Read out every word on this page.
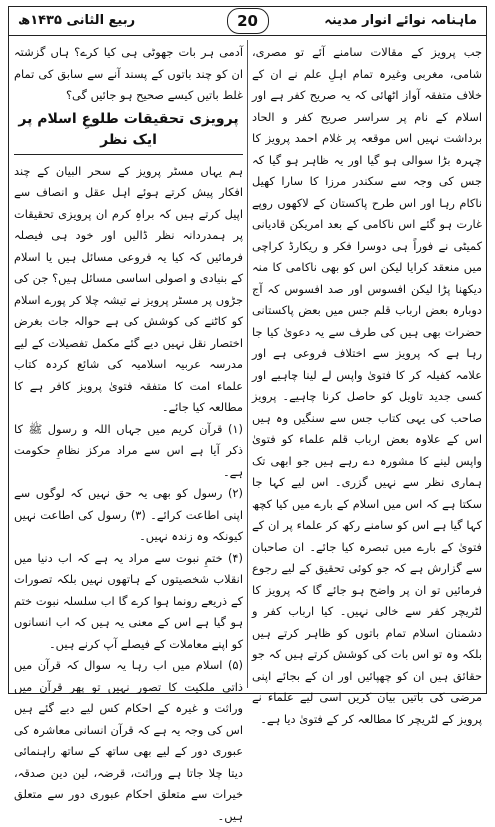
ربیع الثانی ۱۴۳۵ھ	ماہنامہ نوائے انوار مدینہ
20

جب پرویز کے مقالات سامنے آئے تو مصری، شامی، مغربی وغیرہ تمام اہلِ علم نے ان کے خلاف متفقہ آواز اٹھائی کہ یہ صریح کفر ہے اور اسلام کے نام پر سراسر صریح کفر و الحاد برداشت نہیں اس موقعہ پر غلام احمد پرویز کا چہرہ بڑا سوالی ہو گیا اور یہ ظاہر ہو گیا کہ جس کی وجہ سے سکندر مرزا کا سارا کھیل ناکام رہا اور اس طرح پاکستان کے لاکھوں روپے غارت ہو گئے اس ناکامی کے بعد امریکن قادیانی کمیٹی نے فوراً ہی دوسرا فکر و ریکارڈ کراچی میں منعقد کرایا لیکن اس کو بھی ناکامی کا منہ دیکھنا پڑا لیکن افسوس اور صد افسوس کہ آج دوبارہ بعض ارباب قلم جس میں بعض پاکستانی حضرات بھی ہیں کی طرف سے یہ دعویٰ کیا جا رہا ہے کہ پرویز سے اختلاف فروعی ہے اور علامہ کفیلہ کر کا فتویٰ واپس لے لینا چاہیے اور کسی جدید تاویل کو حاصل کرنا چاہیے۔ پرویز صاحب کی یہی کتاب جس سے سنگیں وہ ہیں اس کے علاوہ بعض ارباب قلم علماء کو فتویٰ واپس لینے کا مشورہ دے رہے ہیں جو ابھی تک ہماری نظر سے نہیں گزری۔ اس لیے کہا جا سکتا ہے کہ اس میں اسلام کے بارے میں کیا کچھ کہا گیا ہے اس کو سامنے رکھ کر علماء پر ان کے فتویٰ کے بارے میں تبصرہ کیا جائے۔ ان صاحبان سے گزارش ہے کہ جو کوئی تحقیق کے لیے رجوع فرمائیں تو ان پر واضح ہو جائے گا کہ پرویز کا لٹریچر کفر سے خالی نہیں۔ کیا ارباب کفر و دشمنان اسلام تمام باتوں کو ظاہر کرتے ہیں بلکہ وہ تو اس بات کی کوشش کرتے ہیں کہ جو حقائق ہیں ان کو چھپائیں اور ان کے بجائے اپنی مرضی کی باتیں بیان کریں اسی لیے علماء نے پرویز کے لٹریچر کا مطالعہ کر کے فتویٰ دیا ہے۔

آدمی ہر بات جھوٹی ہی کیا کرے؟ ہاں گزشتہ ان کو چند باتوں کے پسند آنے سے سابق کی تمام غلط باتیں کیسے صحیح ہو جائیں گی؟

پرویزی تحقیقات طلوعِ اسلام پر ایک نظر

ہم یہاں مسٹر پرویز کے سحر البیان کے چند افکار پیش کرتے ہوئے اہل عقل و انصاف سے اپیل کرتے ہیں کہ براہِ کرم ان پرویزی تحقیقات پر ہمدردانہ نظر ڈالیں اور خود ہی فیصلہ فرمائیں کہ کیا یہ فروعی مسائل ہیں یا اسلام کے بنیادی و اصولی اساسی مسائل ہیں؟ جن کی جڑوں پر مسٹر پرویز نے تیشہ چلا کر پورے اسلام کو کاٹنے کی کوشش کی ہے حوالہ جات بغرض اختصار نقل نہیں دیے گئے مکمل تفصیلات کے لیے مدرسہ عربیہ اسلامیہ کی شائع کردہ کتاب علماء امت کا متفقہ فتویٰ پرویز کافر ہے کا مطالعہ کیا جائے۔

(۱) قرآن کریم میں جہاں اللہ و رسول ﷺ کا ذکر آیا ہے اس سے مراد مرکز نظامِ حکومت ہے۔

(۲) رسول کو بھی یہ حق نہیں کہ لوگوں سے اپنی اطاعت کرائے۔ (۳) رسول کی اطاعت نہیں کیونکہ وہ زندہ نہیں۔

(۴) ختمِ نبوت سے مراد یہ ہے کہ اب دنیا میں انقلاب شخصیتوں کے ہاتھوں نہیں بلکہ تصورات کے ذریعے رونما ہوا کرے گا اب سلسلہ نبوت ختم ہو گیا ہے اس کے معنی یہ ہیں کہ اب انسانوں کو اپنے معاملات کے فیصلے آپ کرنے ہیں۔

(۵) اسلام میں اب رہا یہ سوال کہ قرآن میں ذاتی ملکیت کا تصور نہیں تو پھر قرآن میں وراثت و غیرہ کے احکام کس لیے دیے گئے ہیں اس کی وجہ یہ ہے کہ قرآن انسانی معاشرہ کی عبوری دور کے لیے بھی ساتھ کے ساتھ راہنمائی دیتا چلا جاتا ہے وراثت، قرضہ، لین دین صدقہ، خیرات سے متعلق احکام عبوری دور سے متعلق ہیں۔
